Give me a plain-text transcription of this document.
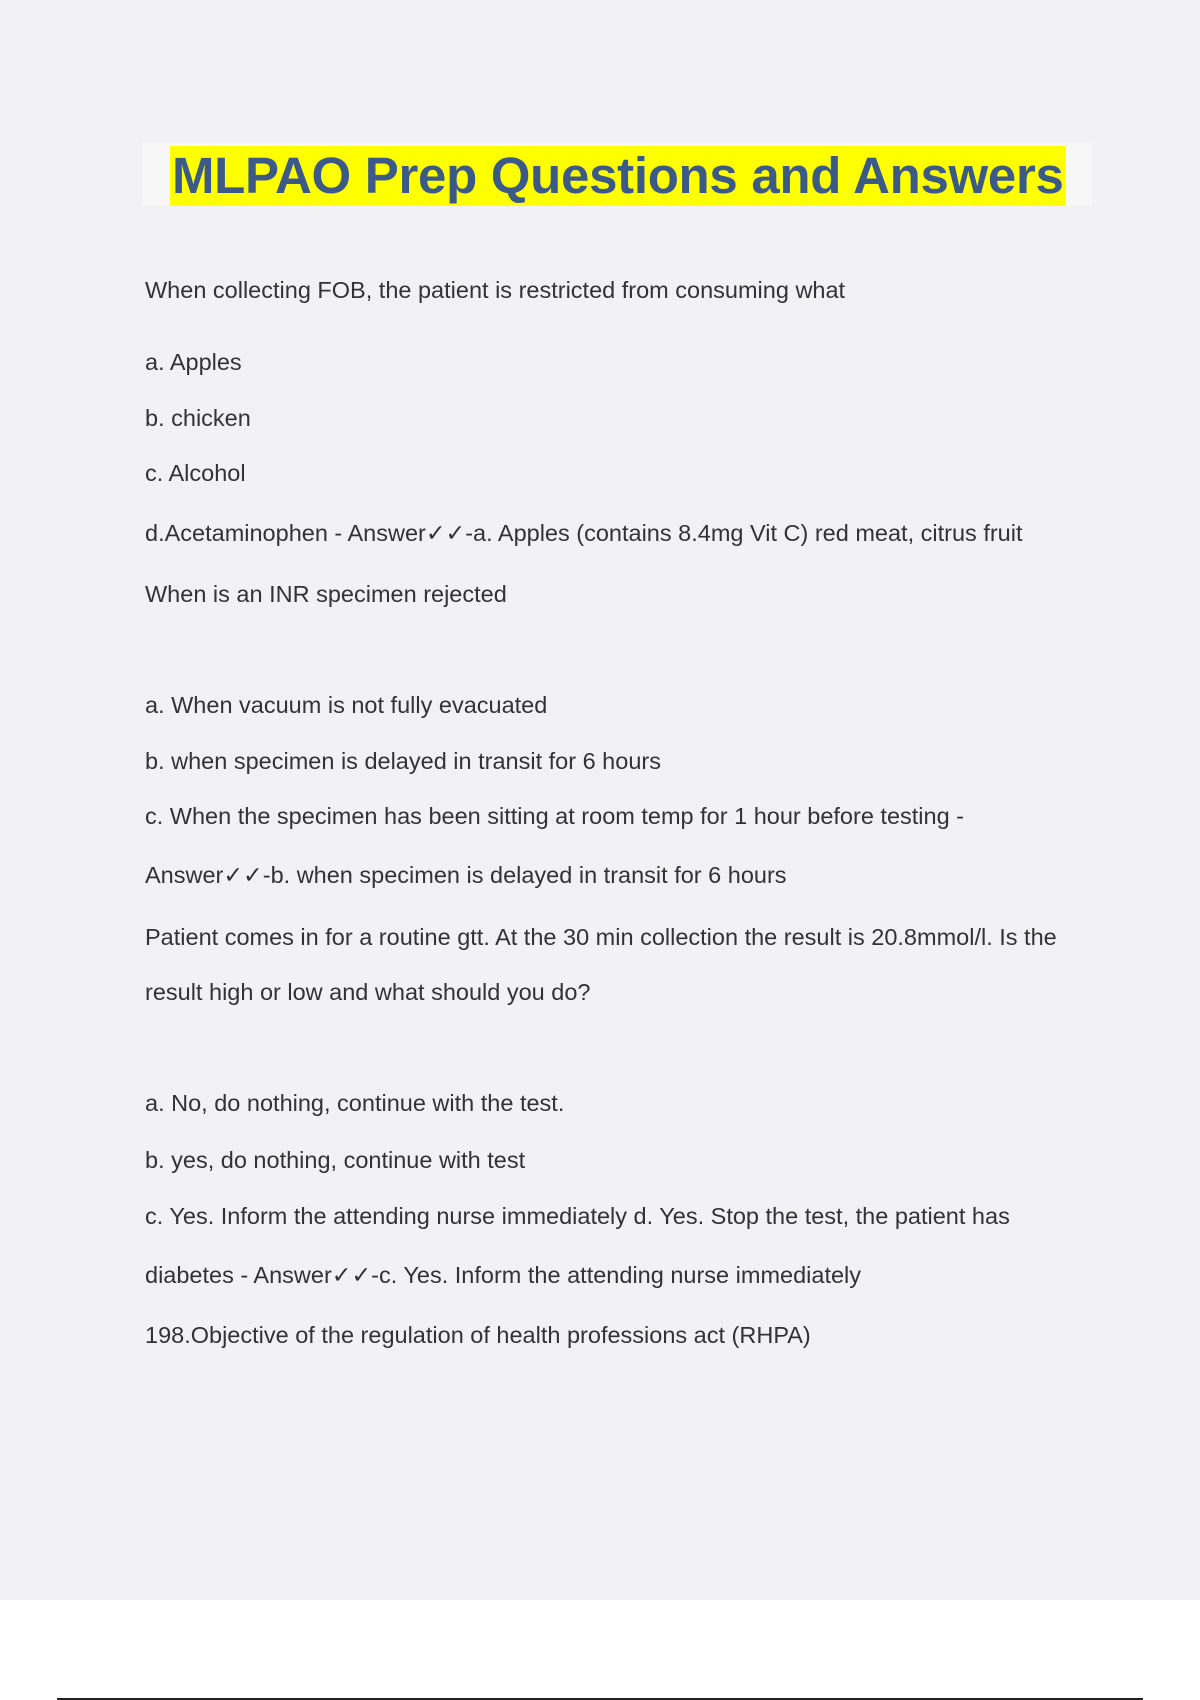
MLPAO Prep Questions and Answers

When collecting FOB, the patient is restricted from consuming what

a. Apples

b. chicken

c. Alcohol

d.Acetaminophen - Answer✓✓-a. Apples (contains 8.4mg Vit C) red meat, citrus fruit

When is an INR specimen rejected

a. When vacuum is not fully evacuated

b. when specimen is delayed in transit for 6 hours

c. When the specimen has been sitting at room temp for 1 hour before testing -

Answer✓✓-b. when specimen is delayed in transit for 6 hours

Patient comes in for a routine gtt. At the 30 min collection the result is 20.8mmol/l. Is the

result high or low and what should you do?

a. No, do nothing, continue with the test.

b. yes, do nothing, continue with test

c. Yes. Inform the attending nurse immediately d. Yes. Stop the test, the patient has

diabetes - Answer✓✓-c. Yes. Inform the attending nurse immediately

198.Objective of the regulation of health professions act (RHPA)
